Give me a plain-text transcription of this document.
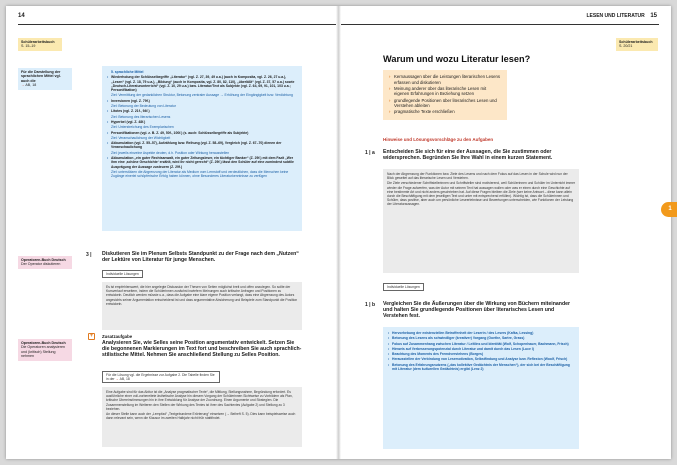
14
Schülerarbeitsbuch
S. 15–19
Für die Darstellung der sprachlichen Mittel vgl. auch die
→ AB, 18
Operatoren-Buch Deutsch
Der Operator diskutieren
Operatoren-Buch Deutsch
Die Operatoren analysieren und (kritisch) Stellung nehmen
5. sprachliche Mittel
• Wiederholung der Schlüsselbegriffe „Literatur“ (vgl. Z. 27, 39, 49 u.a.) (auch in Komposita, vgl. Z. 26, 27 u.a.), „Lesen“ (vgl. Z. 18, 79 u.a.), „Bildung“ (auch in Komposita, vgl. Z. 80, 82, 110), „überläßt“ (vgl. Z. 37, 57 u.a.) sowie „Deutsch-Literaturunterricht“ (vgl. Z. 10, 29 u.a.) bzw. Literatur/Text als Subjekte (vgl. Z. 64, 69, 91, 101, 103 u.a.; Personifikation)
Ziel: Vermittlung der gedanklichen Struktur, Betonung zentraler Aussage → Erhöhung der Eingängigkeit bzw. Verdichtung
• Inversionen (vgl. Z. 79f.)
Ziel: Betonung der Bedeutung von Literatur
• Litotes (vgl. Z. 21f., 94f.)
Ziel: Betonung des literarischen Lesens
• Hyperbel (vgl. Z. 48f.)
Ziel: Unterstreichung des Exemplarischen
• Personifikationen (vgl. z. B. Z. 49, 50f., 100f.) (s. auch: Schlüsselbegriffe als Subjekte)
Ziel: Veranschaulichung der Wichtigkeit
• Akkumulation (vgl. Z. 55–57), Aufzählung bzw. Reihung (vgl. Z. 58–69), Vergleich (vgl. Z. 67–70) dienen der Veranschaulichung
Ziel: jeweils einzelne Aspekte deuten, d.h. Position oder Wirkung herausstellen
• Akkumulation „ein guter Rechtsanwalt, ein guter Zeitungsleser, ein tüchtiger Banker“ (Z. 29f.) mit dem Fazit „Wer ihm eine ‚schöne Geschichte‘ erzählt, wird ihr nicht gerecht“ (Z. 29f.) lässt den Schüler auf eine zumindest subtile Ausprägung der Aussage zusteuern (Z. 29f.)
Ziel: unterstützen die Abgrenzung der Literatur als Medium vom Lernstoff und verdeutlichen, dass die Menschen keine Zugänge einerlei schöpferische Erfolg haben können, ohne Besonderes Literaturkenntnisse zu verfügen
3 | Diskutieren Sie im Plenum Selbsts Standpunkt zu der Frage nach dem „Nutzen“ der Lektüre von Literatur für junge Menschen.
Individuelle Lösungen
Es ist empfehlenswert, die hier angelegte Diskussion der Thesen von Seiten möglichst breit und offen anzulegen. So sollte der Kursverlauf erweitern, indem die Schülerinnen zunächst inwiefern Meinungen auch kritische Anfragen und Positionen zu entwickeln. Deutlich werden müsste u.a., dass die Aufgabe eine klare eigene Position verlangt, dass eine Abgrenzung des Autors angesichts seiner Argumentation entscheidend ist und dass argumentative Absicherung und Beispiele zum Standpunkt die Position entwickeln.
+	Zusatzaufgabe
Analysieren Sie, wie Selles seine Position argumentativ entwickelt. Setzen Sie die begonnenen Markierungen im Text fort und beschreiben Sie auch sprachlich-stilistische Mittel. Nehmen Sie anschließend Stellung zu Selles Position.
Für die Lösung vgl. die Ergebnisse zur Aufgabe 2. Die Tabelle finden Sie in der → AB, 18
Eine Aufgabe sind für das Abitur ist die „Analyse pragmatischer Texte“, die Mittlung, Stellungsnahme, Begründung erfordert. Es ausführliche einer voll-vorbereitete ästhetische Analyse hin diesem Vorgang der Schülerinnen Sichtweise zu Vorbildern als Plan, kritische Übereinstimmungen hin in ihre Entwicklung für Analyse der Zuordnung. Einen Argumente und Strategien. Die Zusammenstellung im Weiteren den Stellen der Wirkung des Textes ist ihrer des Sachtextes (Aufgabe 2) und Stellung zu 3 beziehen.
An dieser Stelle kann auch der „Lernpfad“ „Textgebundene Erörterung“ einsetzen (→ Beiheft S. 5). Dies kann beispielsweise auch dann relevant sein, wenn die Klausur im zweiten Halbjahr nicht früh stattfindet.
LESEN UND LITERATUR 15
Schülerarbeitsbuch
S. 20/21
Warum und wozu Literatur lesen?
› Kernaussagen über die Leistungen literarischen Lesens erfassen und diskutieren
› Meinung anderer über das literarische Lesen mit eigenen Erfahrungen in Beziehung setzen
› grundlegende Positionen über literarisches Lesen und Verstehen ableiten
› pragmatische Texte erschließen
Hinweise und Lösungsvorschläge zu den Aufgaben
1 | a Entscheiden Sie sich für eine der Aussagen, die Sie zustimmen oder widersprechen. Begründen Sie Ihre Wahl in einem kurzen Statement.
Nach der Abgrenzung der Funktionen bzw. Ziele des Lesens und nach dem Fokus auf das Lesen in der Schule wird nun der Blick geweitet auf das literarische Lesen und Verstehen.
Die Ziele verschiedener Schriftstellerinnen und Schriftsteller sind motivierend, weil Schülerinnen und Schüler im Unterricht immer wieder die Frage aufwerfen, was der Autor mit seinem Text hat aussagen wollen oder was er einen durch eine Geschichte auf eine bestimmte Art und nicht anders geschrieben hat. Auf diese Fragen bleiben die Ziele (wer keine Antwort – diese kann allein durch die Beschäftigung mit dem jeweiligen Text und unter mit entsprechend erfüllen). Wichtig ist, dass die Schülerinnen und Schüler, dass positive, aber auch um persönliche Leseerlebnisse und Bewertungen unterscheiden, wie Funktionen der Leistung der Literaturaussagen.
Individuelle Lösungen
1 | b Vergleichen Sie die Äußerungen über die Wirkung von Büchern miteinander und halten Sie grundlegende Positionen über literarisches Lesen und Verstehen fest.
• Hervorhebung der existenziellen Betroffenheit der Leserin / des Lesers (Kafka, Lessing)
• Betonung des Lesens als schwindliger (kreativer) Vorgang (Goethe, Sartre, Grass)
• Fokus auf Zusammenhang zwischen Literatur / Leitlins und Identität (Wolf, Schopenhauer, Bachmann, Frisch)
• Hinweis auf Verbesserungspotenzial durch Literatur und damit durch das Lesen (Luce I)
• Beachtung des Moments des Fremdverstehens (Borges)
• Herausstellen der Verbindung von Lesemotivation, Selbstfindung und Analyse bzw. Reflexion (Woolf, Frisch)
• Betonung des Erfahrungsnutzens („das kollektive Gedächtnis der Menschen“), der sich bei der Beschäftigung mit Literatur (dem kulturellen Gedächtnis) ergibt (Lenz 2)
1
